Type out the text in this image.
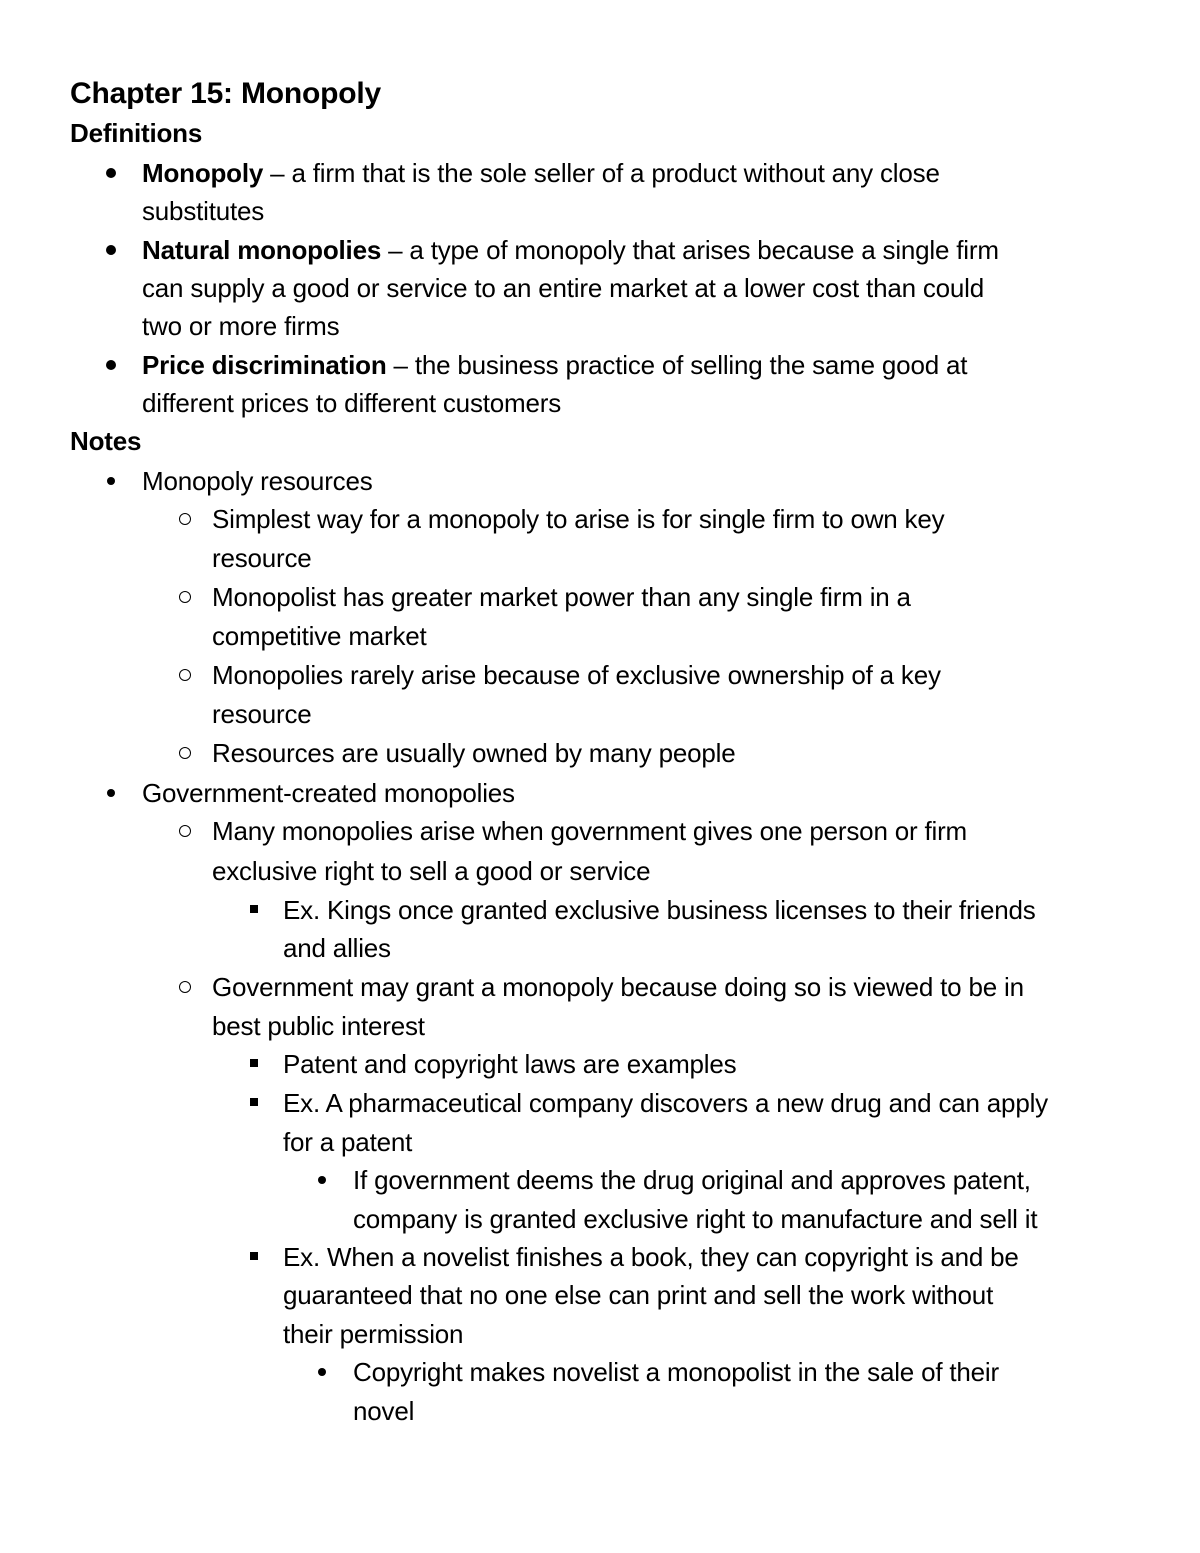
Chapter 15: Monopoly
Definitions
Monopoly – a firm that is the sole seller of a product without any close
substitutes
Natural monopolies – a type of monopoly that arises because a single firm
can supply a good or service to an entire market at a lower cost than could
two or more firms
Price discrimination – the business practice of selling the same good at
different prices to different customers
Notes
Monopoly resources
Simplest way for a monopoly to arise is for single firm to own key
resource
Monopolist has greater market power than any single firm in a
competitive market
Monopolies rarely arise because of exclusive ownership of a key
resource
Resources are usually owned by many people
Government-created monopolies
Many monopolies arise when government gives one person or firm
exclusive right to sell a good or service
Ex. Kings once granted exclusive business licenses to their friends
and allies
Government may grant a monopoly because doing so is viewed to be in
best public interest
Patent and copyright laws are examples
Ex. A pharmaceutical company discovers a new drug and can apply
for a patent
If government deems the drug original and approves patent,
company is granted exclusive right to manufacture and sell it
Ex. When a novelist finishes a book, they can copyright is and be
guaranteed that no one else can print and sell the work without
their permission
Copyright makes novelist a monopolist in the sale of their
novel
